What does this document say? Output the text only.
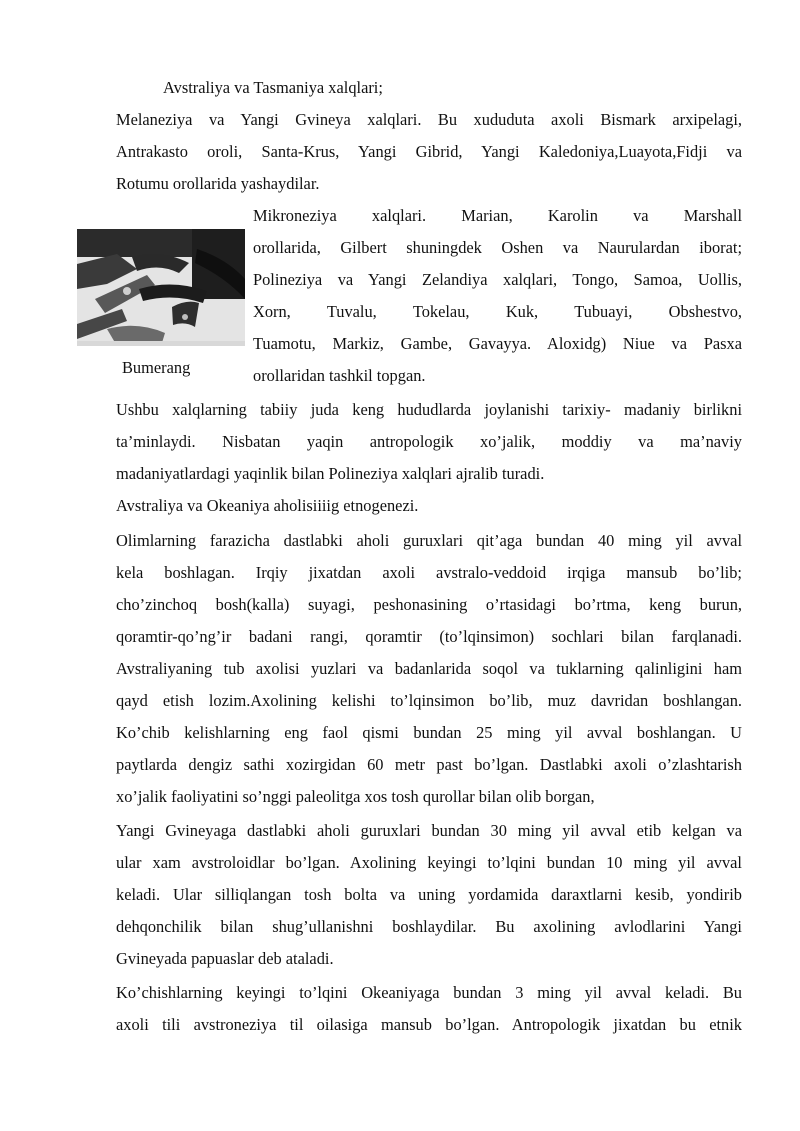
Avstraliya va Tasmaniya xalqlari;
Melaneziya va Yangi Gvineya xalqlari. Bu xududuta axoli Bismark arxipelagi,
Antrakasto oroli, Santa-Krus, Yangi Gibrid, Yangi Kaledoniya,Luayota,Fidji va
Rotumu orollarida yashaydilar.
Bumerang
Mikroneziya xalqlari. Marian, Karolin va Marshall
orollarida, Gilbert shuningdek Oshen va Naurulardan iborat;
Polineziya va Yangi Zelandiya xalqlari, Tongo, Samoa, Uollis,
Xorn, Tuvalu, Tokelau, Kuk, Tubuayi, Obshestvo,
Tuamotu, Markiz, Gambe, Gavayya. Aloxidg) Niue va Pasxa
orollaridan tashkil topgan.
Ushbu xalqlarning tabiiy juda keng hududlarda joylanishi tarixiy- madaniy birlikni
ta’minlaydi. Nisbatan yaqin antropologik xo’jalik, moddiy va ma’naviy
madaniyatlardagi yaqinlik bilan Polineziya xalqlari ajralib turadi.
Avstraliya va Okeaniya aholisiiiig etnogenezi.
Olimlarning farazicha dastlabki aholi guruxlari qit’aga bundan 40 ming yil avval
kela boshlagan. Irqiy jixatdan axoli avstralo-veddoid irqiga mansub bo’lib;
cho’zinchoq bosh(kalla) suyagi, peshonasining o’rtasidagi bo’rtma, keng burun,
qoramtir-qo’ng’ir badani rangi, qoramtir (to’lqinsimon) sochlari bilan farqlanadi.
Avstraliyaning tub axolisi yuzlari va badanlarida soqol va tuklarning qalinligini ham
qayd etish lozim.Axolining kelishi to’lqinsimon bo’lib, muz davridan boshlangan.
Ko’chib kelishlarning eng faol qismi bundan 25 ming yil avval boshlangan. U
paytlarda dengiz sathi xozirgidan 60 metr past bo’lgan. Dastlabki axoli o’zlashtarish
xo’jalik faoliyatini so’nggi paleolitga xos tosh qurollar bilan olib borgan,
Yangi Gvineyaga dastlabki aholi guruxlari bundan 30 ming yil avval etib kelgan va
ular xam avstroloidlar bo’lgan. Axolining keyingi to’lqini bundan 10 ming yil avval
keladi. Ular silliqlangan tosh bolta va uning yordamida daraxtlarni kesib, yondirib
dehqonchilik bilan shug’ullanishni boshlaydilar. Bu axolining avlodlarini Yangi
Gvineyada papuaslar deb ataladi.
Ko’chishlarning keyingi to’lqini Okeaniyaga bundan 3 ming yil avval keladi. Bu
axoli tili avstroneziya til oilasiga mansub bo’lgan. Antropologik jixatdan bu etnik
